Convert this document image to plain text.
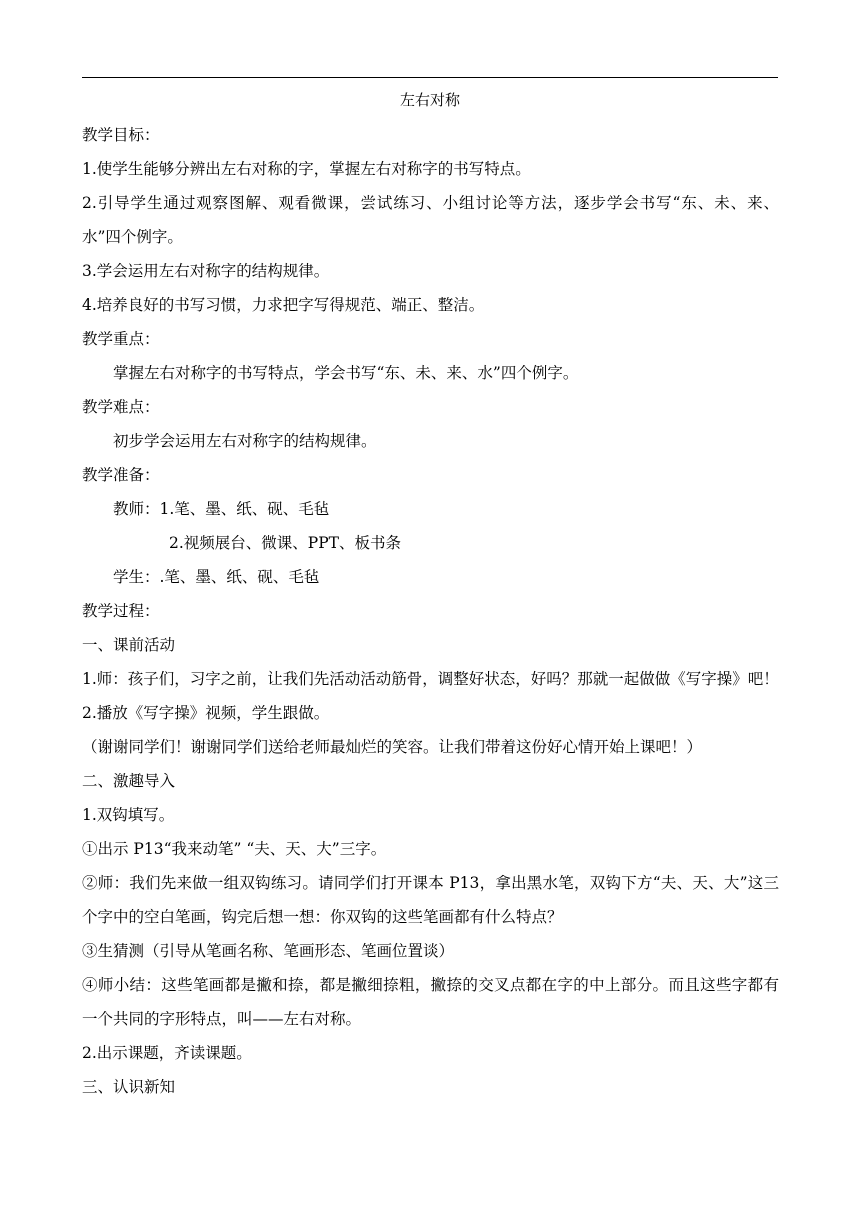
左右对称

教学目标：

1.使学生能够分辨出左右对称的字，掌握左右对称字的书写特点。

2.引导学生通过观察图解、观看微课，尝试练习、小组讨论等方法，逐步学会书写“东、未、来、水”四个例字。

3.学会运用左右对称字的结构规律。

4.培养良好的书写习惯，力求把字写得规范、端正、整洁。

教学重点：

掌握左右对称字的书写特点，学会书写“东、未、来、水”四个例字。

教学难点：

初步学会运用左右对称字的结构规律。

教学准备：

教师：1.笔、墨、纸、砚、毛毡

2.视频展台、微课、PPT、板书条

学生：.笔、墨、纸、砚、毛毡

教学过程：

一、课前活动

1.师：孩子们，习字之前，让我们先活动活动筋骨，调整好状态，好吗？那就一起做做《写字操》吧！

2.播放《写字操》视频，学生跟做。

（谢谢同学们！谢谢同学们送给老师最灿烂的笑容。让我们带着这份好心情开始上课吧！）

二、激趣导入

1.双钩填写。

①出示 P13“我来动笔” “夫、天、大”三字。

②师：我们先来做一组双钩练习。请同学们打开课本 P13，拿出黑水笔，双钩下方“夫、天、大”这三个字中的空白笔画，钩完后想一想：你双钩的这些笔画都有什么特点？

③生猜测（引导从笔画名称、笔画形态、笔画位置谈）

④师小结：这些笔画都是撇和捺，都是撇细捺粗，撇捺的交叉点都在字的中上部分。而且这些字都有一个共同的字形特点，叫——左右对称。

2.出示课题，齐读课题。

三、认识新知
